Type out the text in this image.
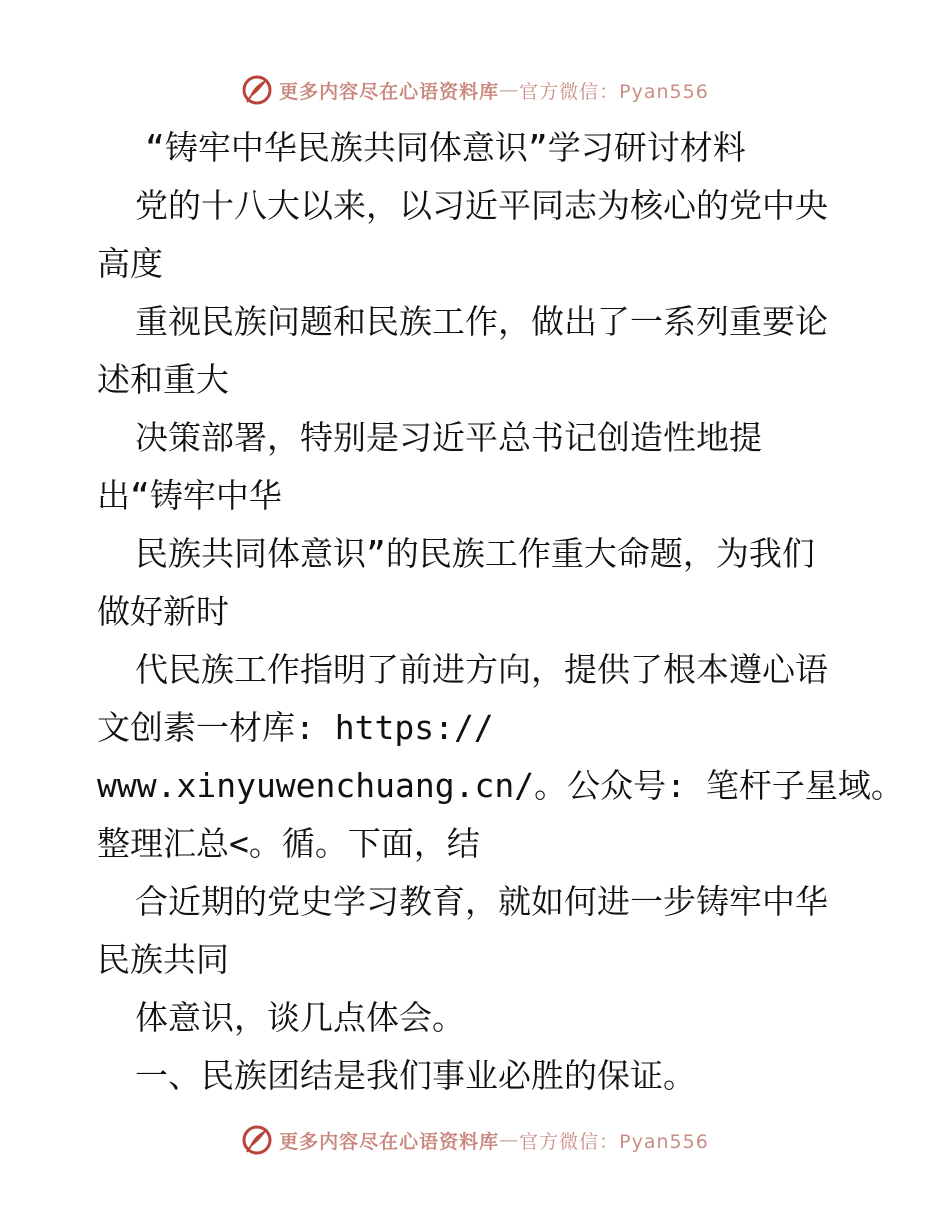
更多内容尽在心语资料库 — 官方微信：Pyan556
“铸牢中华民族共同体意识”学习研讨材料
党的十八大以来，以习近平同志为核心的党中央
高度
重视民族问题和民族工作，做出了一系列重要论
述和重大
决策部署，特别是习近平总书记创造性地提
出“铸牢中华
民族共同体意识”的民族工作重大命题，为我们
做好新时
代民族工作指明了前进方向，提供了根本遵心语
文创素一材库: https://
www.xinyuwenchuang.cn/。公众号: 笔杆子星域。
整理汇总<。循。下面，结
合近期的党史学习教育，就如何进一步铸牢中华
民族共同
体意识，谈几点体会。
一、民族团结是我们事业必胜的保证。
更多内容尽在心语资料库 — 官方微信：Pyan556
